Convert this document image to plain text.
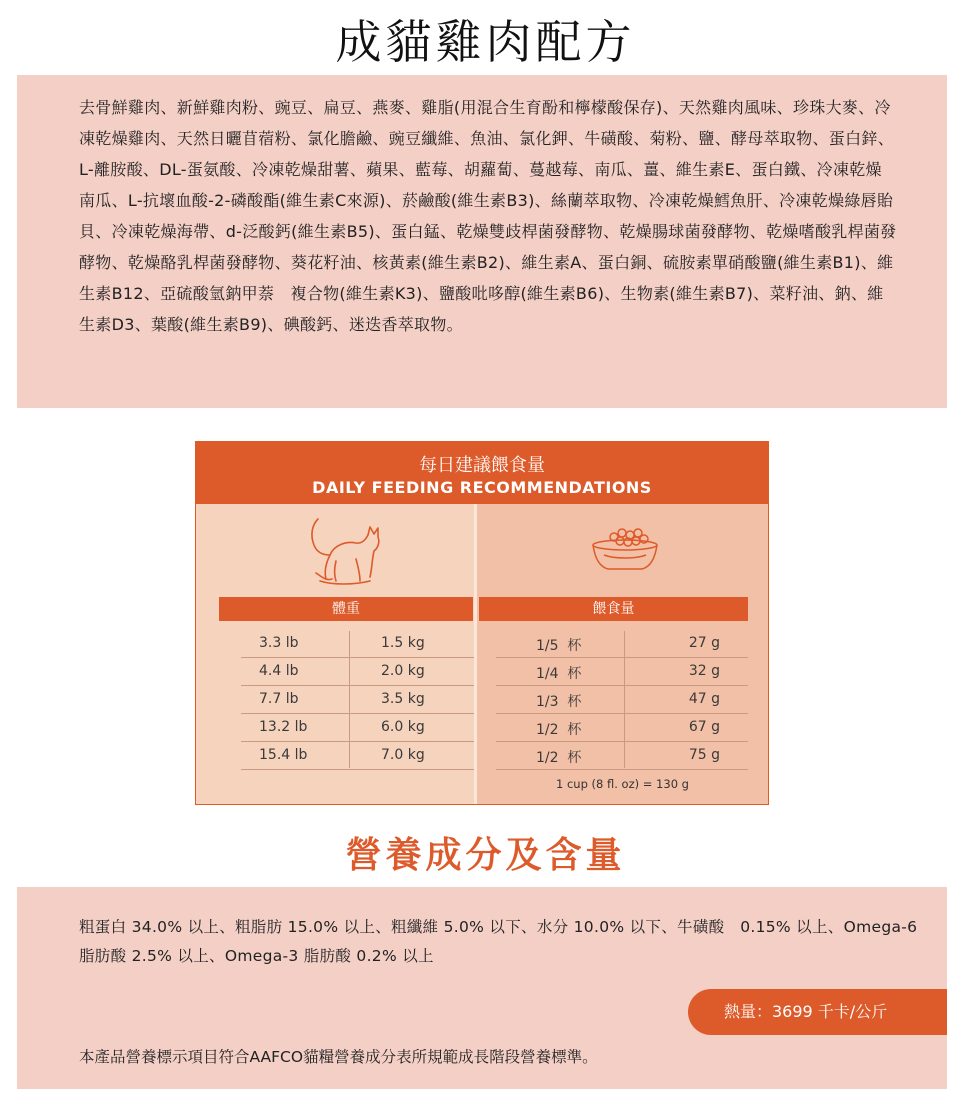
成貓雞肉配方
去骨鮮雞肉、新鮮雞肉粉、豌豆、扁豆、燕麥、雞脂(用混合生育酚和檸檬酸保存)、天然雞肉風味、珍珠大麥、冷凍乾燥雞肉、天然日曬苜蓿粉、氯化膽鹼、豌豆纖維、魚油、氯化鉀、牛磺酸、菊粉、鹽、酵母萃取物、蛋白鋅、L-離胺酸、DL-蛋氨酸、冷凍乾燥甜薯、蘋果、藍莓、胡蘿蔔、蔓越莓、南瓜、薑、維生素E、蛋白鐵、冷凍乾燥南瓜、L-抗壞血酸-2-磷酸酯(維生素C來源)、菸鹼酸(維生素B3)、絲蘭萃取物、冷凍乾燥鱈魚肝、冷凍乾燥綠唇貽貝、冷凍乾燥海帶、d-泛酸鈣(維生素B5)、蛋白錳、乾燥雙歧桿菌發酵物、乾燥腸球菌發酵物、乾燥嗜酸乳桿菌發酵物、乾燥酪乳桿菌發酵物、葵花籽油、核黃素(維生素B2)、維生素A、蛋白銅、硫胺素單硝酸鹽(維生素B1)、維生素B12、亞硫酸氫鈉甲萘　複合物(維生素K3)、鹽酸吡哆醇(維生素B6)、生物素(維生素B7)、菜籽油、鈉、維生素D3、葉酸(維生素B9)、碘酸鈣、迷迭香萃取物。
每日建議餵食量
DAILY FEEDING RECOMMENDATIONS
體重	餵食量
3.3 lb	1.5 kg	1/5  杯	27 g
4.4 lb	2.0 kg	1/4  杯	32 g
7.7 lb	3.5 kg	1/3  杯	47 g
13.2 lb	6.0 kg	1/2  杯	67 g
15.4 lb	7.0 kg	1/2  杯	75 g
1 cup (8 fl. oz) = 130 g
營養成分及含量
粗蛋白 34.0% 以上、粗脂肪 15.0% 以上、粗纖維 5.0% 以下、水分 10.0% 以下、牛磺酸　0.15% 以上、Omega-6 脂肪酸 2.5% 以上、Omega-3 脂肪酸 0.2% 以上
熱量：3699 千卡/公斤
本產品營養標示項目符合AAFCO貓糧營養成分表所規範成長階段營養標準。
